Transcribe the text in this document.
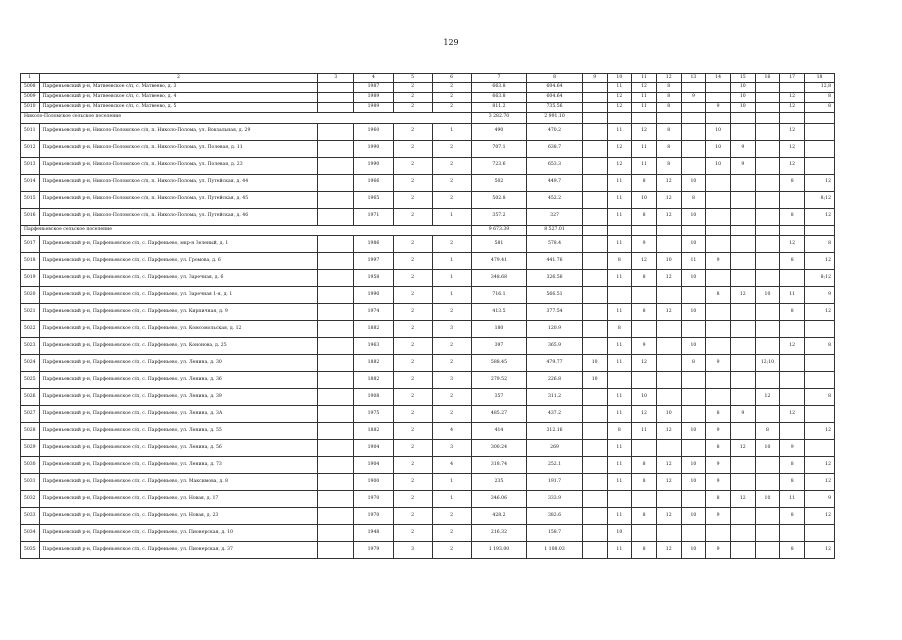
129
1	2	3	4	5	6	7	8	9	10	11	12	13	14	15	16	17	18
5008	Парфеньевский р-н, Матвеевское с/п, с. Матвеево, д. 3		1987	2	2	663.8	604.64		11	12	8			10			12,8
5009	Парфеньевский р-н, Матвеевское с/п, с. Матвеево, д. 4		1989	2	2	663.8	604.64		12	11	8	9		10		12	8
5010	Парфеньевский р-н, Матвеевское с/п, с. Матвеево, д. 5		1989	2	2	811.2	735.56		12	11	8		9	10		12	8
Николо-Поломское сельское поселение						3 282.70	2 991.10										
5011	Парфеньевский р-н, Николо-Поломское с/п, п. Николо-Полома, ул. Вокзальная, д. 29		1960	2	1	490	470.2		11	12	8		10			12	
5012	Парфеньевский р-н, Николо-Поломское с/п, п. Николо-Полома, ул. Полевая, д. 11		1990	2	2	707.1	638.7		12	11	8		10	9		12	
5013	Парфеньевский р-н, Николо-Поломское с/п, п. Николо-Полома, ул. Полевая, д. 23		1990	2	2	723.6	653.3		12	11	8		10	9		12	
5014	Парфеньевский р-н, Николо-Поломское с/п, п. Николо-Полома, ул. Путейская, д. 44		1966	2	2	502	449.7		11	8	12	10				8	12
5015	Парфеньевский р-н, Николо-Поломское с/п, п. Николо-Полома, ул. Путейская, д. 45		1965	2	2	502.8	452.2		11	10	12	8					8;12
5016	Парфеньевский р-н, Николо-Поломское с/п, п. Николо-Полома, ул. Путейская, д. 46		1971	2	1	357.2	327		11	8	12	10				8	12
Парфеньевское сельское поселение						9 673.39	8 527.01										
5017	Парфеньевский р-н, Парфеньевское с/п, с. Парфеньево, мкр-н Зеленый, д. 1		1986	2	2	581	578.4		11	9		10				12	8
5018	Парфеньевский р-н, Парфеньевское с/п, с. Парфеньево, ул. Громова, д. 6		1997	2	1	479.41	441.76		8	12	10	11	9			8	12
5019	Парфеньевский р-н, Парфеньевское с/п, с. Парфеньево, ул. Заречная, д. 6		1958	2	1	348.68	326.56		11	8	12	10					8;12
5020	Парфеньевский р-н, Парфеньевское с/п, с. Парфеньево, ул. Заречная 1-я, д. 1		1990	2	1	716.1	566.51						8	12	10	11	9
5021	Парфеньевский р-н, Парфеньевское с/п, с. Парфеньево, ул. Кирпичная, д. 9		1974	2	2	413.5	377.54		11	8	12	10				8	12
5022	Парфеньевский р-н, Парфеньевское с/п, с. Парфеньево, ул. Комсомольская, д. 12		1882	2	3	180	120.9		8								
5023	Парфеньевский р-н, Парфеньевское с/п, с. Парфеньево, ул. Кононова, д. 25		1963	2	2	397	365.9		11	9		10				12	8
5024	Парфеньевский р-н, Парфеньевское с/п, с. Парфеньево, ул. Ленина, д. 30		1882	2	2	588.45	479.77	10	11	12		8	9		12;10		
5025	Парфеньевский р-н, Парфеньевское с/п, с. Парфеньево, ул. Ленина, д. 36		1882	2	3	279.52	226.8	10									
5026	Парфеньевский р-н, Парфеньевское с/п, с. Парфеньево, ул. Ленина, д. 39		1908	2	2	357	311.2		11	10					12		8
5027	Парфеньевский р-н, Парфеньевское с/п, с. Парфеньево, ул. Ленина, д. 3А		1975	2	2	485.27	437.2		11	12	10		8	9		12	
5028	Парфеньевский р-н, Парфеньевское с/п, с. Парфеньево, ул. Ленина, д. 55		1882	2	4	414	312.16		8	11	12	10	9		8		12
5029	Парфеньевский р-н, Парфеньевское с/п, с. Парфеньево, ул. Ленина, д. 56		1904	2	3	300.24	269		11				8	12	10	9	
5030	Парфеньевский р-н, Парфеньевское с/п, с. Парфеньево, ул. Ленина, д. 73		1904	2	4	318.74	252.1		11	8	12	10	9			8	12
5031	Парфеньевский р-н, Парфеньевское с/п, с. Парфеньево, ул. Максимова, д. 8		1900	2	1	235	191.7		11	8	12	10	9			8	12
5032	Парфеньевский р-н, Парфеньевское с/п, с. Парфеньево, ул. Новая, д. 17		1970	2	1	346.06	333.9						8	12	10	11	9
5033	Парфеньевский р-н, Парфеньевское с/п, с. Парфеньево, ул. Новая, д. 23		1970	2	2	428.2	382.6		11	8	12	10	9			8	12
5034	Парфеньевский р-н, Парфеньевское с/п, с. Парфеньево, ул. Пионерская, д. 10		1948	2	2	216.32	158.7		10								
5035	Парфеньевский р-н, Парфеньевское с/п, с. Парфеньево, ул. Пионерская, д. 37		1979	3	2	1 193.00	1 108.03		11	8	12	10	9			8	12
